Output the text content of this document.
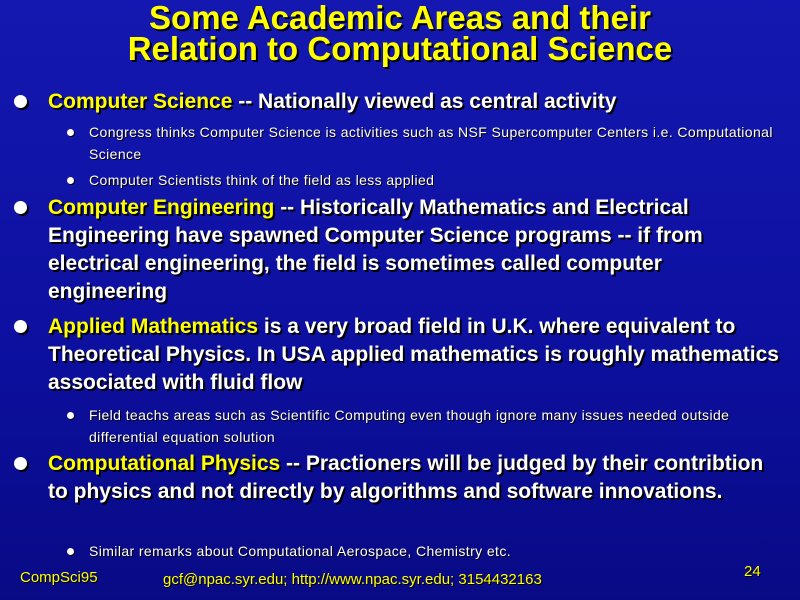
Some Academic Areas and their
Relation to Computational Science
Computer Science -- Nationally viewed as central activity
Congress thinks Computer Science is activities such as NSF Supercomputer Centers i.e. Computational Science
Computer Scientists think of the field as less applied
Computer Engineering -- Historically Mathematics and Electrical Engineering have spawned Computer Science programs -- if from electrical engineering, the field is sometimes called computer engineering
Applied Mathematics is a very broad field in U.K. where equivalent to Theoretical Physics. In USA applied mathematics is roughly mathematics associated with fluid flow
Field teachs areas such as Scientific Computing even though ignore many issues needed outside differential equation solution
Computational Physics -- Practioners will be judged by their contribtion to physics and not directly by algorithms and software innovations.
Similar remarks about Computational Aerospace, Chemistry etc.
CompSci95	gcf@npac.syr.edu; http://www.npac.syr.edu; 3154432163	24
